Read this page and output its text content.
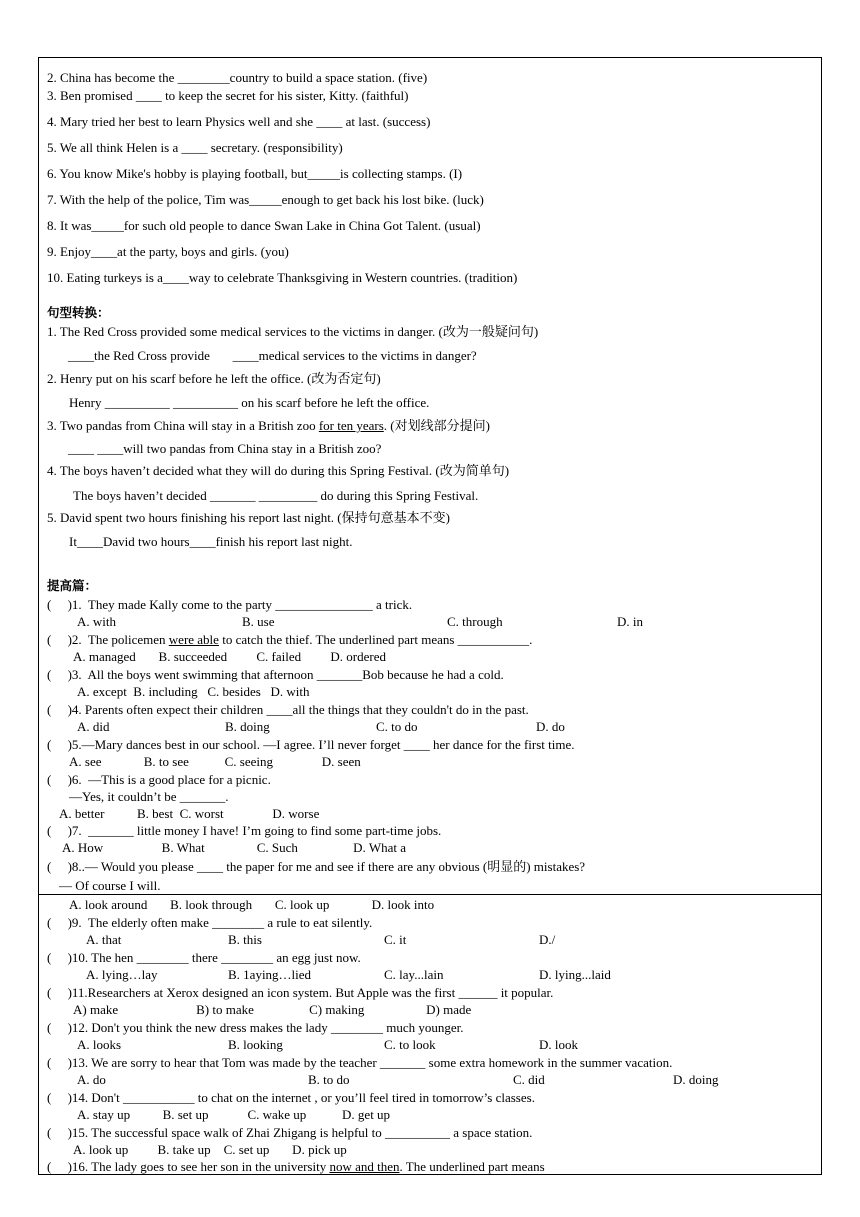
2. China has become the ________country to build a space station. (five)
3. Ben promised ____ to keep the secret for his sister, Kitty. (faithful)
4. Mary tried her best to learn Physics well and she ____ at last. (success)
5. We all think Helen is a ____ secretary. (responsibility)
6. You know Mike's hobby is playing football, but_____is collecting stamps. (I)
7. With the help of the police, Tim was_____enough to get back his lost bike. (luck)
8. It was_____for such old people to dance Swan Lake in China Got Talent. (usual)
9. Enjoy____at the party, boys and girls. (you)
10. Eating turkeys is a____way to celebrate Thanksgiving in Western countries. (tradition)
句型转换：
1. The Red Cross provided some medical services to the victims in danger. (改为一般疑问句)
____the Red Cross provide       ____medical services to the victims in danger?
2. Henry put on his scarf before he left the office. (改为否定句)
Henry __________ __________ on his scarf before he left the office.
3. Two pandas from China will stay in a British zoo for ten years. (对划线部分提问)
____ ____will two pandas from China stay in a British zoo?
4. The boys haven’t decided what they will do during this Spring Festival. (改为简单句)
The boys haven’t decided _______ _________ do during this Spring Festival.
5. David spent two hours finishing his report last night. (保持句意基本不变)
It____David two hours____finish his report last night.
提高篇：
(     )1.  They made Kally come to the party _______________ a trick.
A. with	B. use	C. through	D. in
(     )2.  The policemen were able to catch the thief. The underlined part means ___________.
A. managed       B. succeeded         C. failed         D. ordered
(     )3.  All the boys went swimming that afternoon _______Bob because he had a cold.
A. except  B. including   C. besides   D. with
(     )4. Parents often expect their children ____all the things that they couldn't do in the past.
A. did	B. doing	C. to do	D. do
(     )5.—Mary dances best in our school. —I agree. I’ll never forget ____ her dance for the first time.
A. see             B. to see           C. seeing               D. seen
(     )6.  —This is a good place for a picnic.
—Yes, it couldn’t be _______.
A. better          B. best  C. worst               D. worse
(     )7.  _______ little money I have! I’m going to find some part-time jobs.
A. How                  B. What                C. Such                 D. What a
(     )8..— Would you please ____ the paper for me and see if there are any obvious (明显的) mistakes?
— Of course I will.
A. look around       B. look through       C. look up             D. look into
(     )9.  The elderly often make ________ a rule to eat silently.
A. that	B. this	C. it	D./
(     )10. The hen ________ there ________ an egg just now.
A. lying…lay	B. 1aying…lied	C. lay...lain	D. lying...laid
(     )11.Researchers at Xerox designed an icon system. But Apple was the first ______ it popular.
A) make                        B) to make                 C) making                   D) made
(     )12. Don't you think the new dress makes the lady ________ much younger.
A. looks	B. looking	C. to look	D. look
(     )13. We are sorry to hear that Tom was made by the teacher _______ some extra homework in the summer vacation.
A. do	B. to do	C. did	D. doing
(     )14. Don't ___________ to chat on the internet , or you’ll feel tired in tomorrow’s classes.
A. stay up          B. set up            C. wake up           D. get up
(     )15. The successful space walk of Zhai Zhigang is helpful to __________ a space station.
A. look up         B. take up    C. set up       D. pick up
(     )16. The lady goes to see her son in the university now and then. The underlined part means
